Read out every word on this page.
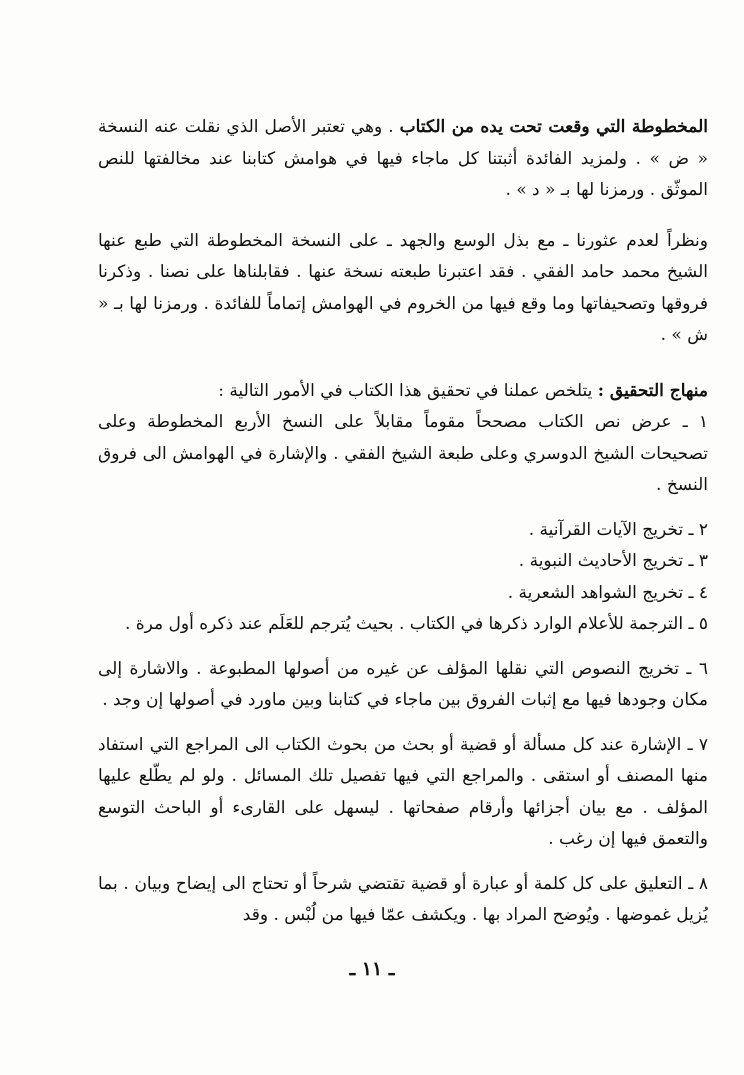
المخطوطة التي وقعت تحت يده من الكتاب . وهي تعتبر الأصل الذي نقلت عنه النسخة « ض » . ولمزيد الفائدة أثبتنا كل ماجاء فيها في هوامش كتابنا عند مخالفتها للنص الموثّق . ورمزنا لها بـ « د » .

ونظراً لعدم عثورنا ـ مع بذل الوسع والجهد ـ على النسخة المخطوطة التي طبع عنها الشيخ محمد حامد الفقي . فقد اعتبرنا طبعته نسخة عنها . فقابلناها على نصنا . وذكرنا فروقها وتصحيفاتها وما وقع فيها من الخروم في الهوامش إتماماً للفائدة . ورمزنا لها بـ « ش » .

منهاج التحقيق : يتلخص عملنا في تحقيق هذا الكتاب في الأمور التالية :

١ ـ عرض نص الكتاب مصححاً مقوماً مقابلاً على النسخ الأربع المخطوطة وعلى تصحيحات الشيخ الدوسري وعلى طبعة الشيخ الفقي . والإشارة في الهوامش الى فروق النسخ .

٢ ـ تخريج الآيات القرآنية .

٣ ـ تخريج الأحاديث النبوية .

٤ ـ تخريج الشواهد الشعرية .

٥ ـ الترجمة للأعلام الوارد ذكرها في الكتاب . بحيث يُترجم للعَلَم عند ذكره أول مرة .

٦ ـ تخريج النصوص التي نقلها المؤلف عن غيره من أصولها المطبوعة . والاشارة إلى مكان وجودها فيها مع إثبات الفروق بين ماجاء في كتابنا وبين ماورد في أصولها إن وجد .

٧ ـ الإشارة عند كل مسألة أو قضية أو بحث من بحوث الكتاب الى المراجع التي استفاد منها المصنف أو استقى . والمراجع التي فيها تفصيل تلك المسائل . ولو لم يطّلع عليها المؤلف . مع بيان أجزائها وأرقام صفحاتها . ليسهل على القارىء أو الباحث التوسع والتعمق فيها إن رغب .

٨ ـ التعليق على كل كلمة أو عبارة أو قضية تقتضي شرحاً أو تحتاج الى إيضاح وبيان . بما يُزيل غموضها . ويُوضح المراد بها . ويكشف عمّا فيها من لُبْس . وقد

ـ ١١ ـ
